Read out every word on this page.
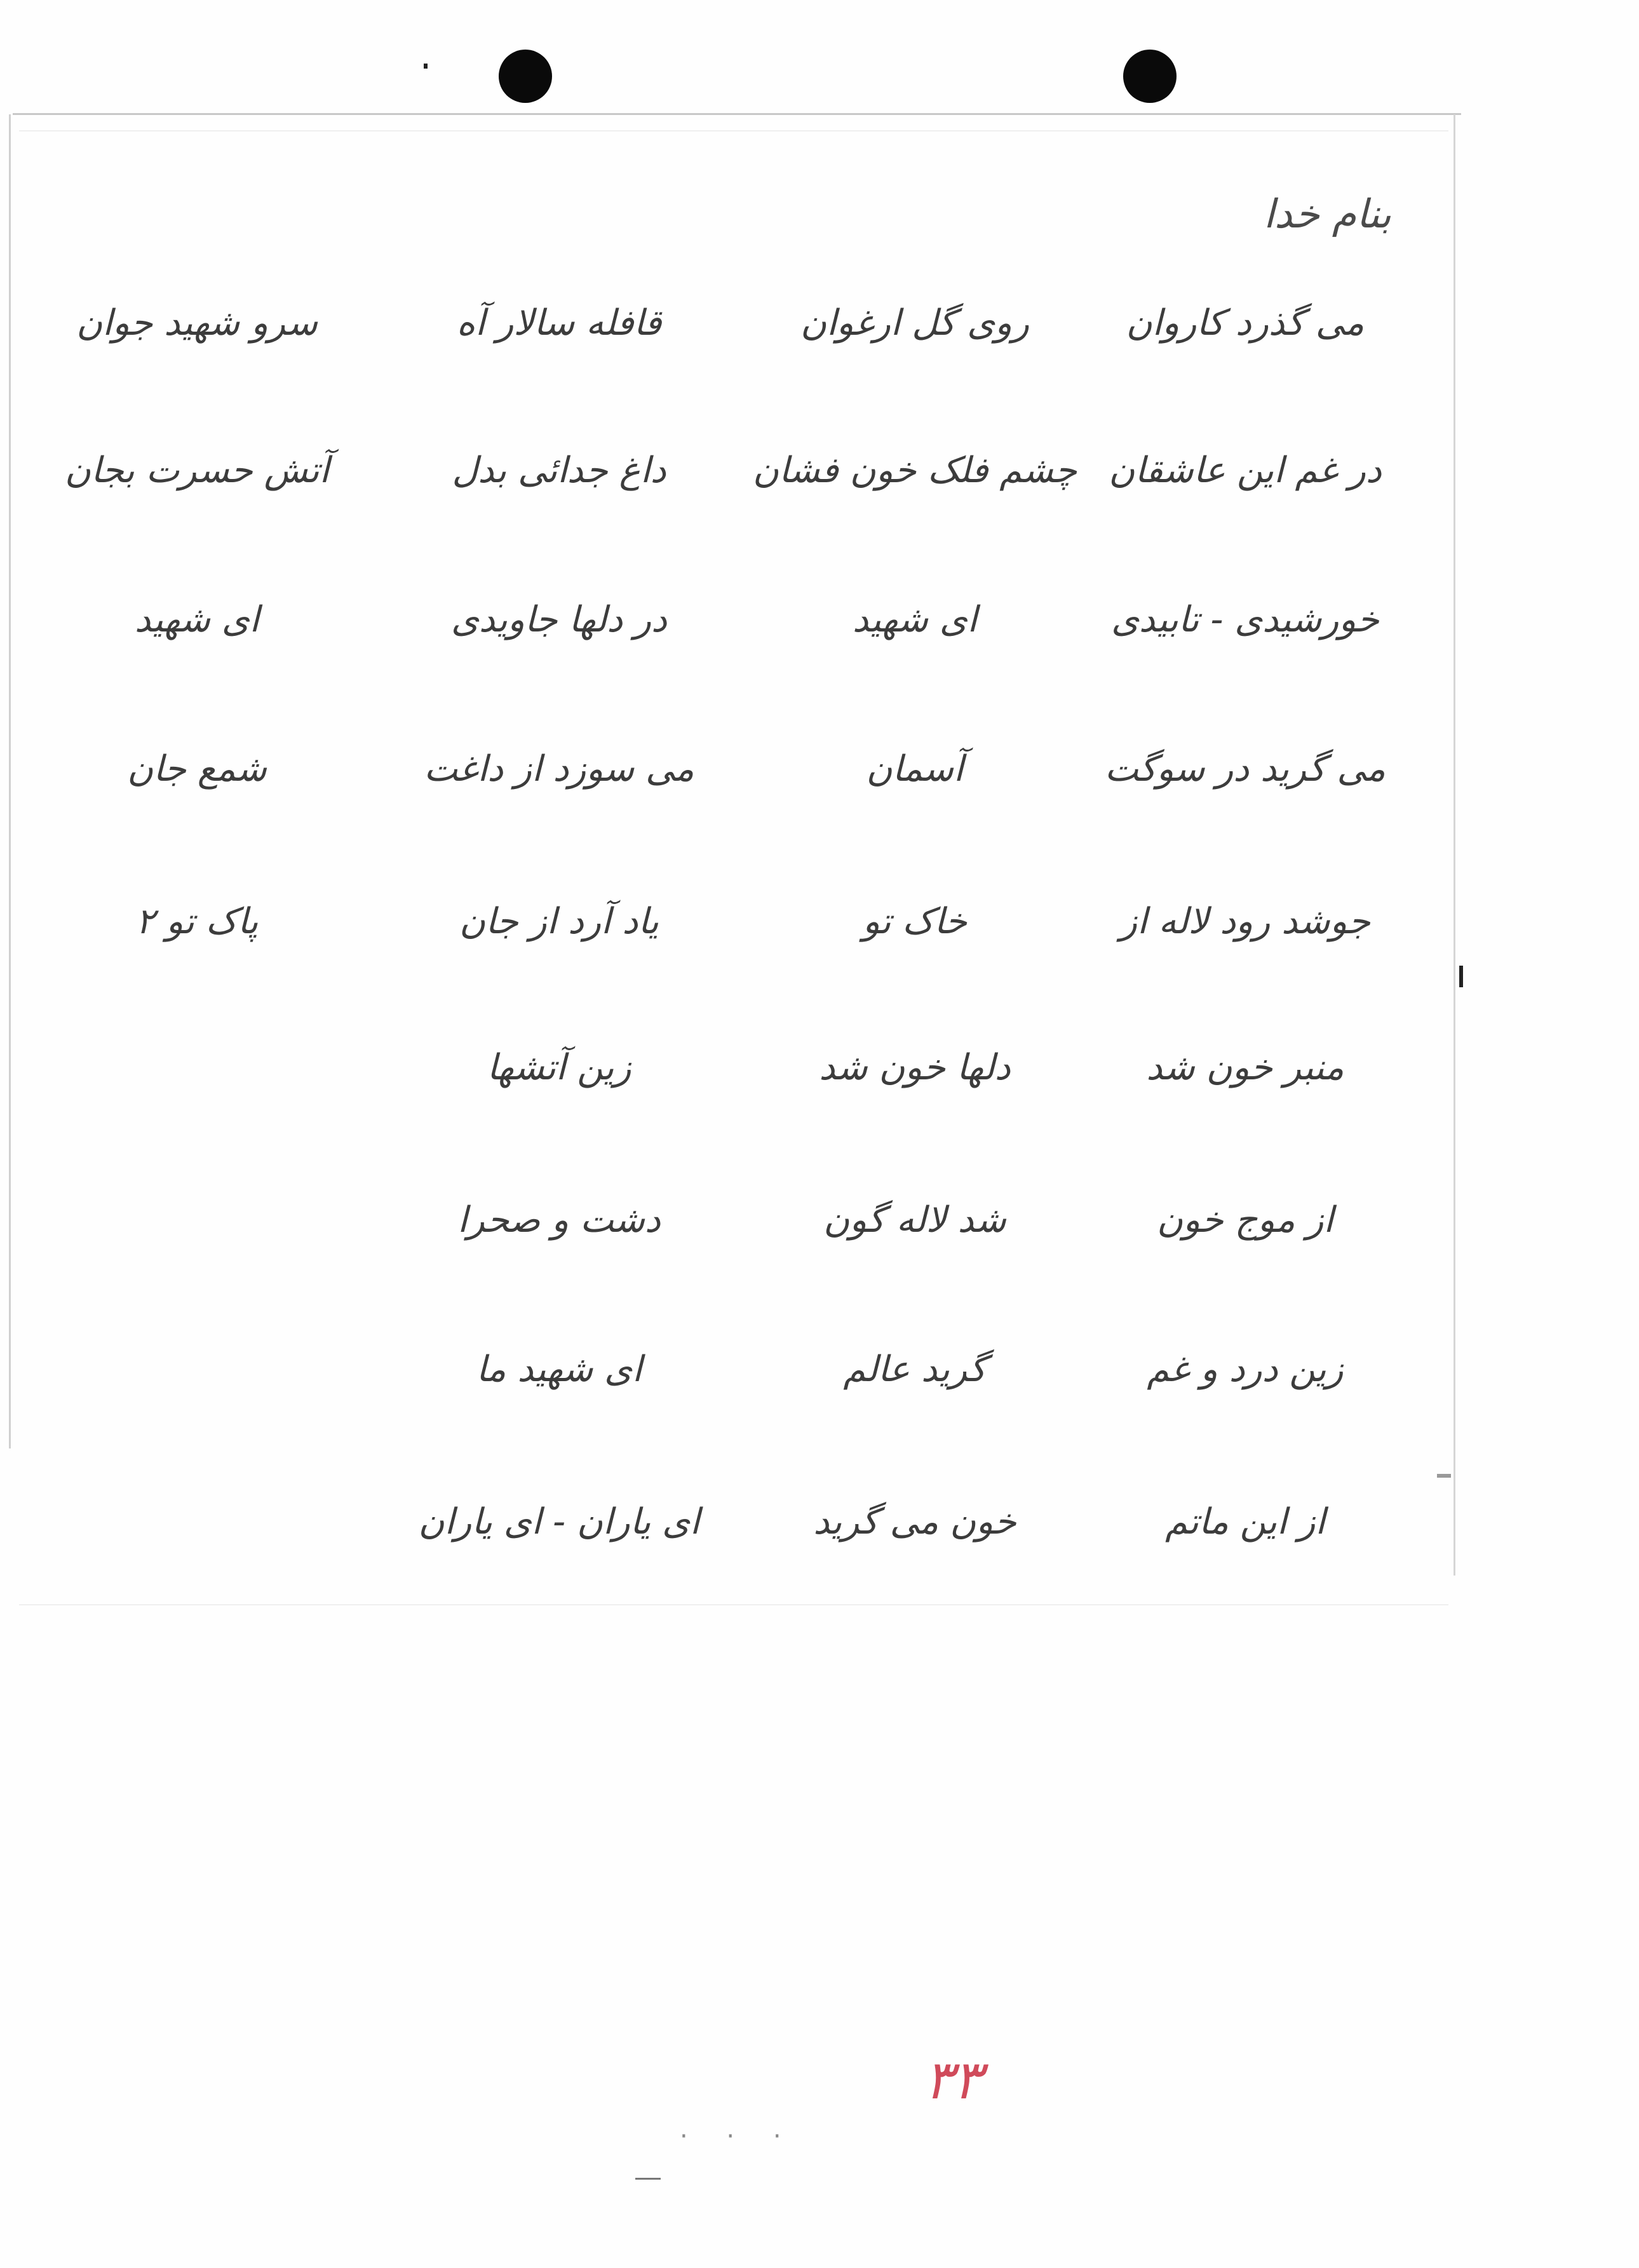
بنام خدا
می گذرد کاروان
روی گل ارغوان
قافله سالار آه
سرو شهید جوان
در غم این عاشقان
چشم فلک خون فشان
داغ جدائی بدل
آتش حسرت بجان
خورشیدی - تابیدی
ای شهید
در دلها جاویدی
ای شهید
می گرید در سوگت
آسمان
می سوزد از داغت
شمع جان
جوشد رود لاله از
خاک تو
یاد آرد از جان
پاک تو ۲
منبر خون شد
دلها خون شد
زین آتشها
از موج خون
شد لاله گون
دشت و صحرا
زین درد و غم
گرید عالم
ای شهید ما
از این ماتم
خون می گرید
ای یاران - ای یاران
۳۳
· · ·
